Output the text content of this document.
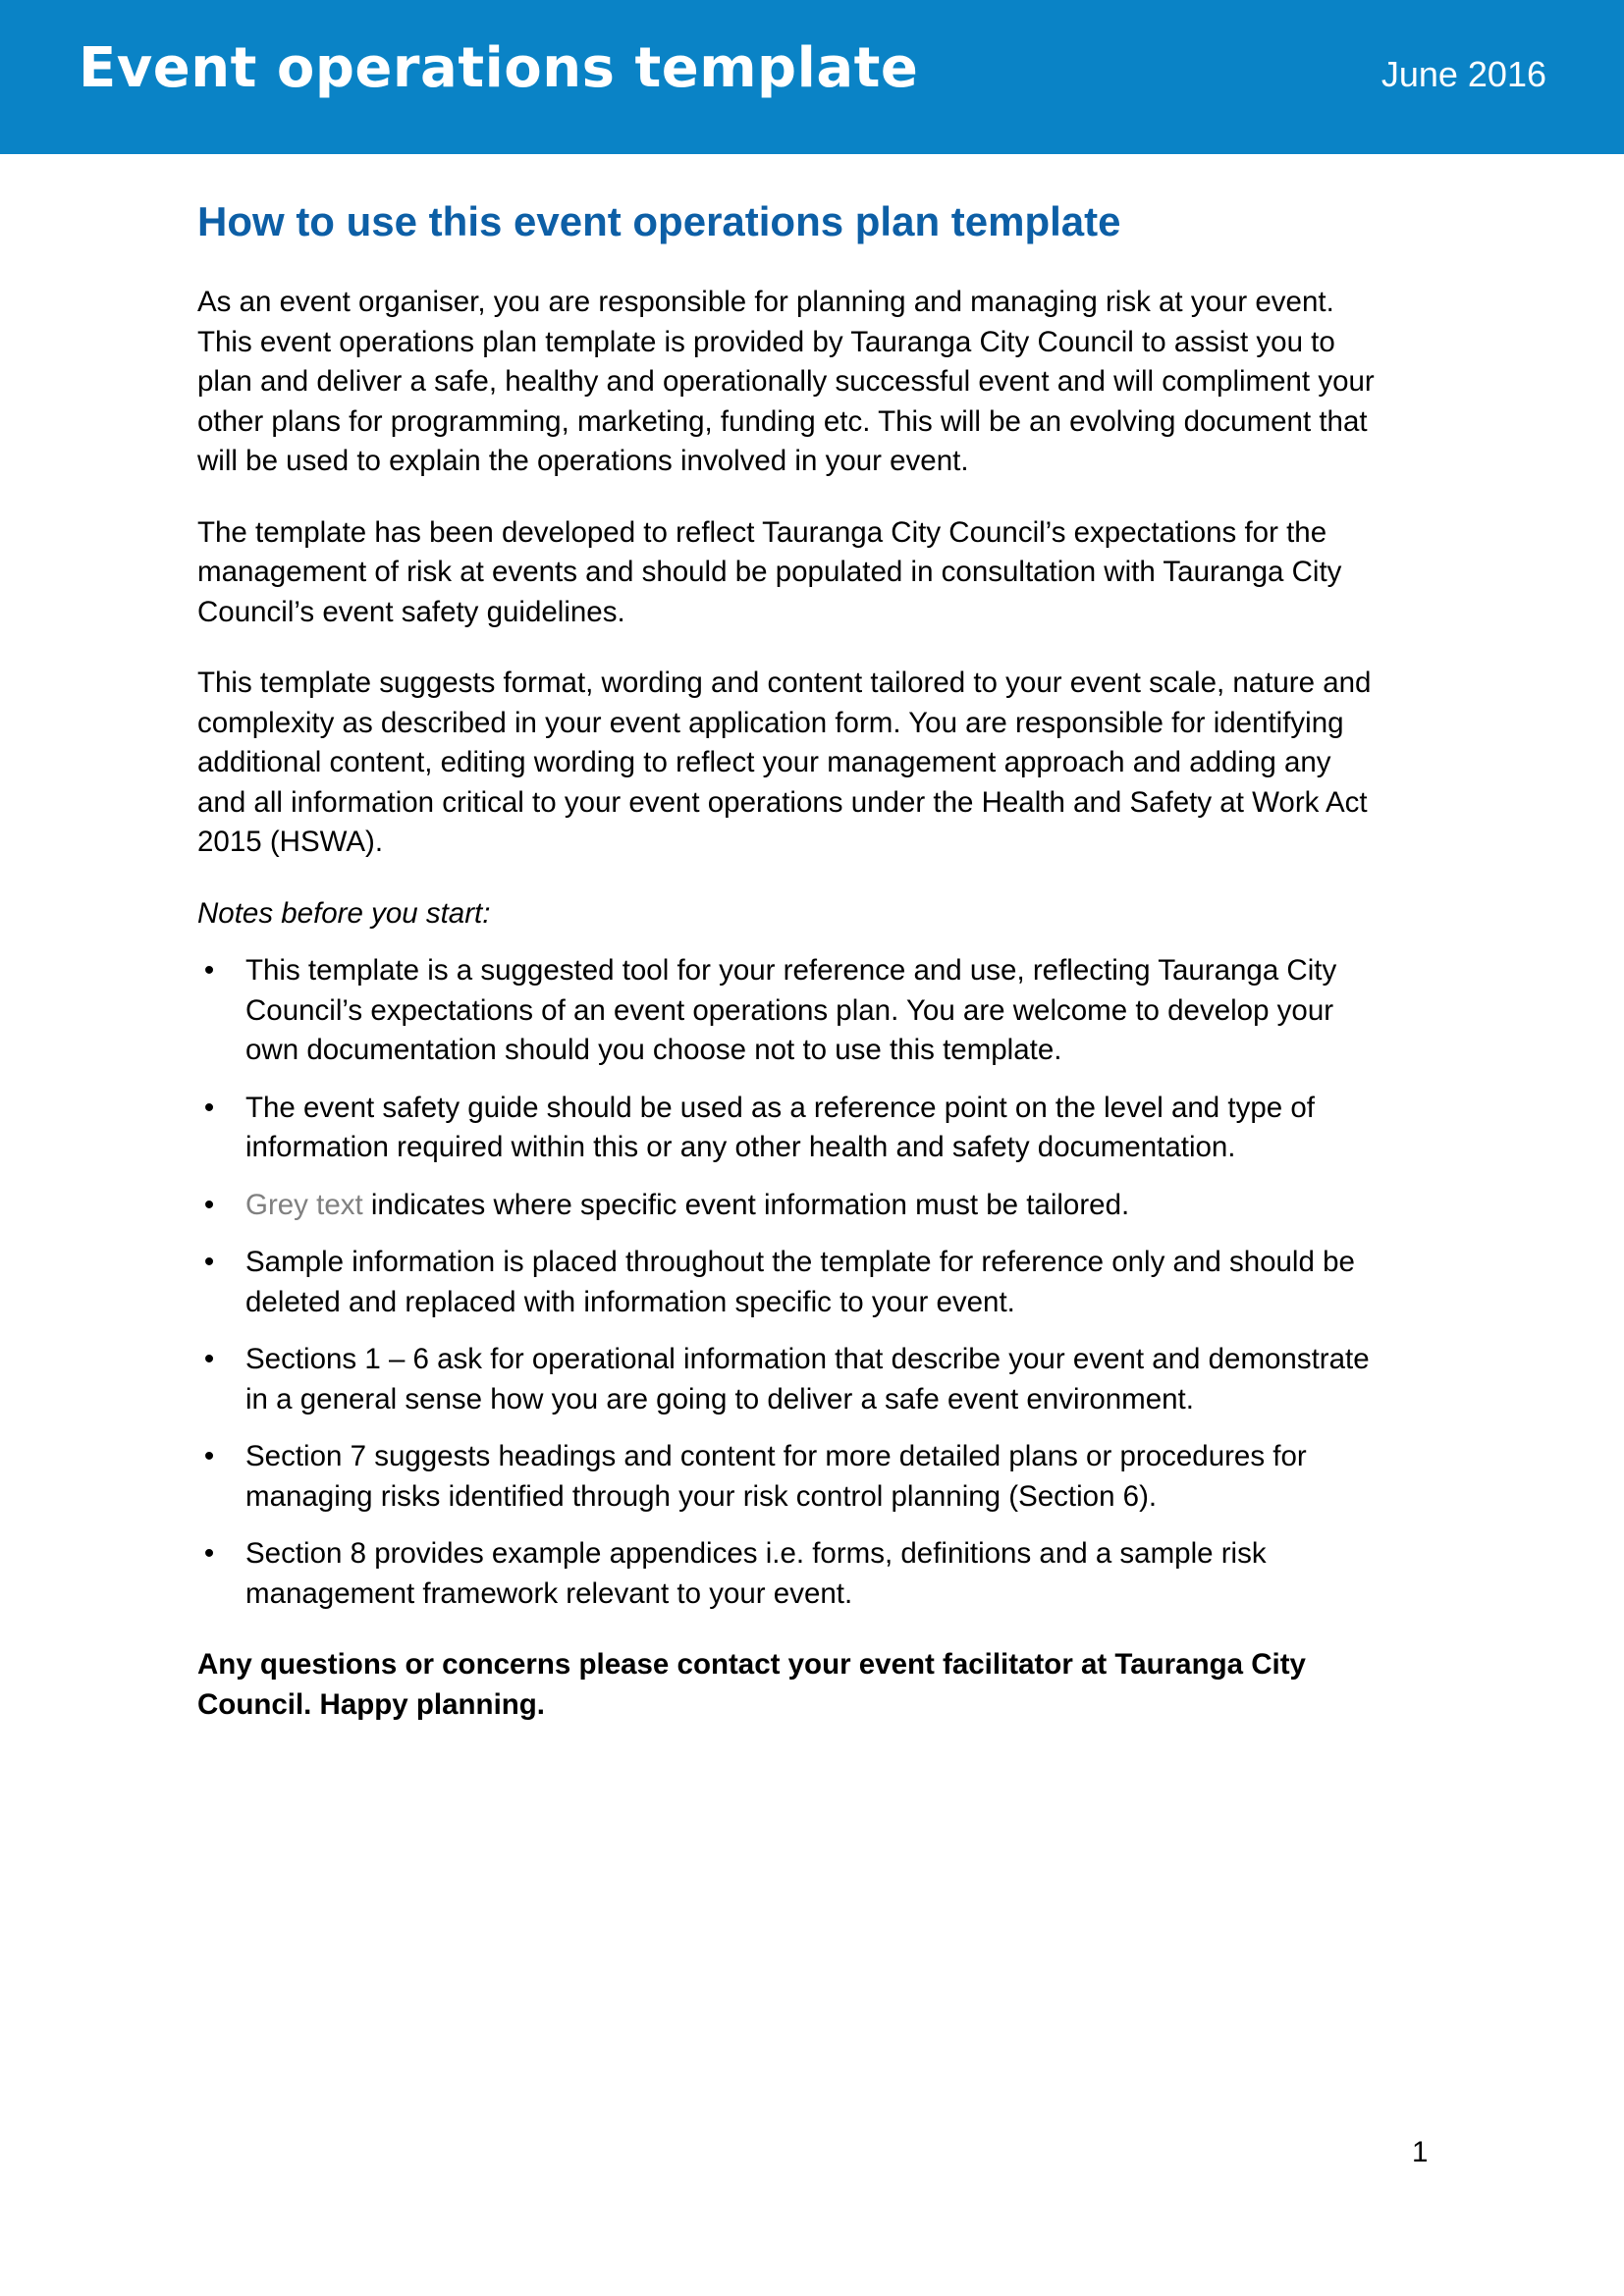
Event operations template	June 2016
How to use this event operations plan template

As an event organiser, you are responsible for planning and managing risk at your event.
This event operations plan template is provided by Tauranga City Council to assist you to
plan and deliver a safe, healthy and operationally successful event and will compliment your
other plans for programming, marketing, funding etc. This will be an evolving document that
will be used to explain the operations involved in your event.

The template has been developed to reflect Tauranga City Council’s expectations for the
management of risk at events and should be populated in consultation with Tauranga City
Council’s event safety guidelines.

This template suggests format, wording and content tailored to your event scale, nature and
complexity as described in your event application form. You are responsible for identifying
additional content, editing wording to reflect your management approach and adding any
and all information critical to your event operations under the Health and Safety at Work Act
2015 (HSWA).

Notes before you start:

• This template is a suggested tool for your reference and use, reflecting Tauranga City
Council’s expectations of an event operations plan. You are welcome to develop your
own documentation should you choose not to use this template.
• The event safety guide should be used as a reference point on the level and type of
information required within this or any other health and safety documentation.
• Grey text indicates where specific event information must be tailored.
• Sample information is placed throughout the template for reference only and should be
deleted and replaced with information specific to your event.
• Sections 1 – 6 ask for operational information that describe your event and demonstrate
in a general sense how you are going to deliver a safe event environment.
• Section 7 suggests headings and content for more detailed plans or procedures for
managing risks identified through your risk control planning (Section 6).
• Section 8 provides example appendices i.e. forms, definitions and a sample risk
management framework relevant to your event.

Any questions or concerns please contact your event facilitator at Tauranga City
Council. Happy planning.

1
